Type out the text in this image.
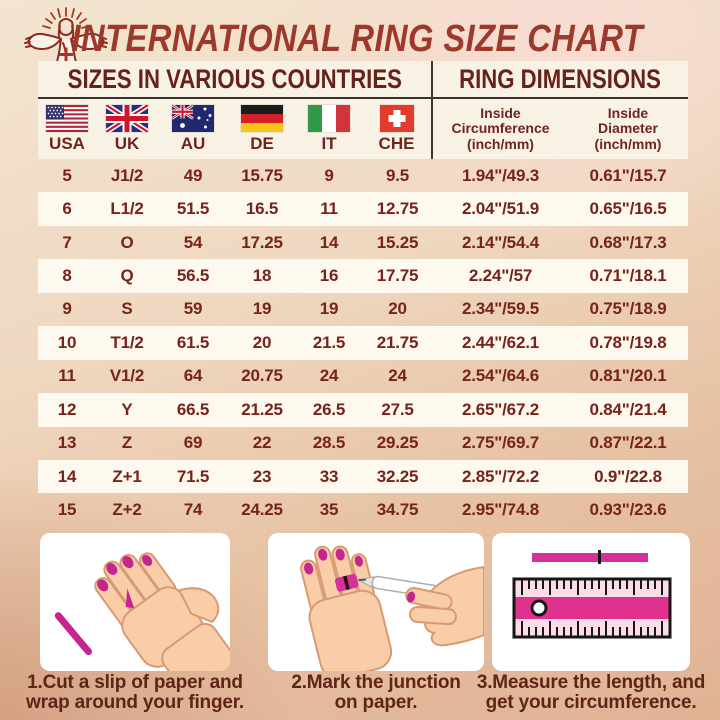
INTERNATIONAL RING SIZE CHART
SIZES IN VARIOUS COUNTRIES RING DIMENSIONS
USA UK AU	DE	IT CHE
Inside
Circumference
(inch/mm)
Inside
Diameter
(inch/mm)
5	J1/2	49	15.75	9	9.5	1.94"/49.3	0.61"/15.7
6	L1/2	51.5	16.5	11	12.75	2.04"/51.9	0.65"/16.5
7	O	54	17.25	14	15.25	2.14"/54.4	0.68"/17.3
8	Q	56.5	18	16	17.75	2.24"/57	0.71"/18.1
9	S	59	19	19	20	2.34"/59.5	0.75"/18.9
10	T1/2	61.5	20	21.5	21.75	2.44"/62.1	0.78"/19.8
11	V1/2	64	20.75	24	24	2.54"/64.6	0.81"/20.1
12	Y	66.5	21.25	26.5	27.5	2.65"/67.2	0.84"/21.4
13	Z	69	22	28.5	29.25	2.75"/69.7	0.87"/22.1
14	Z+1	71.5	23	33	32.25	2.85"/72.2	0.9"/22.8
15	Z+2	74	24.25	35	34.75	2.95"/74.8	0.93"/23.6
1.Cut a slip of paper and
wrap around your finger.
2.Mark the junction
on paper.
3.Measure the length, and
get your circumference.
